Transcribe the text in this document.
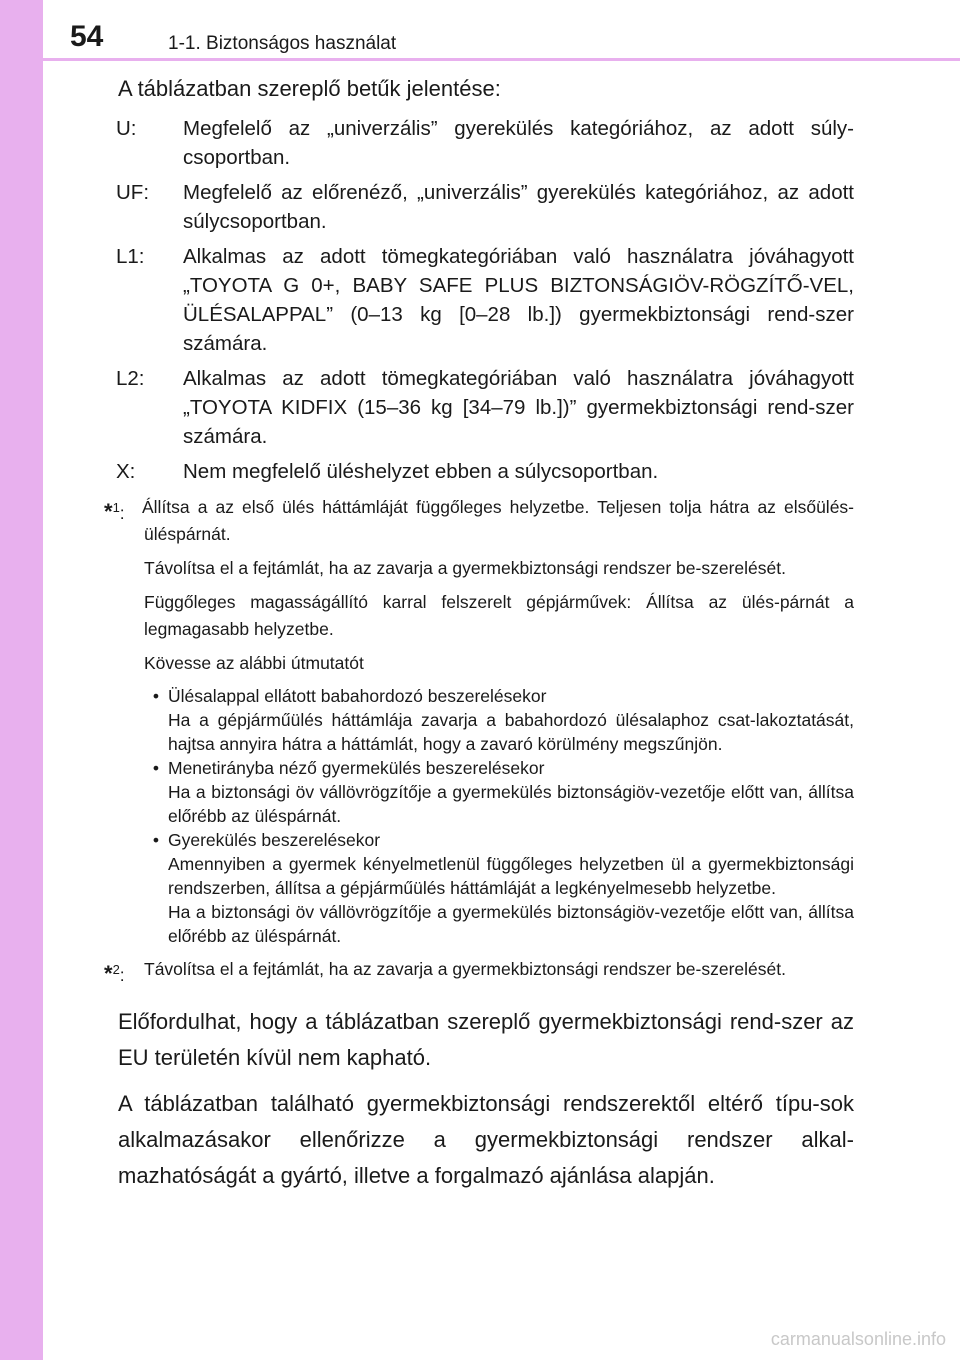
54	1-1. Biztonságos használat
A táblázatban szereplő betűk jelentése:
U:	Megfelelő az „univerzális” gyerekülés kategóriához, az adott súly-csoportban.
UF:	Megfelelő az előrenéző, „univerzális” gyerekülés kategóriához, az adott súlycsoportban.
L1:	Alkalmas az adott tömegkategóriában való használatra jóváhagyott „TOYOTA G 0+, BABY SAFE PLUS BIZTONSÁGIÖV-RÖGZÍTŐ-VEL, ÜLÉSALAPPAL” (0–13 kg [0–28 lb.]) gyermekbiztonsági rend-szer számára.
L2:	Alkalmas az adott tömegkategóriában való használatra jóváhagyott „TOYOTA KIDFIX (15–36 kg [34–79 lb.])” gyermekbiztonsági rend-szer számára.
X:	Nem megfelelő üléshelyzet ebben a súlycsoportban.
*$^1$: Állítsa a az első ülés háttámláját függőleges helyzetbe. Teljesen tolja hátra az elsőülés-üléspárnát.

Távolítsa el a fejtámlát, ha az zavarja a gyermekbiztonsági rendszer be-szerelését.

Függőleges magasságállító karral felszerelt gépjárművek: Állítsa az ülés-párnát a legmagasabb helyzetbe.

Kövesse az alábbi útmutatót

• Ülésalappal ellátott babahordozó beszerelésekor
Ha a gépjárműülés háttámlája zavarja a babahordozó ülésalaphoz csat-lakoztatását, hajtsa annyira hátra a háttámlát, hogy a zavaró körülmény megszűnjön.
• Menetirányba néző gyermekülés beszerelésekor
Ha a biztonsági öv vállövrögzítője a gyermekülés biztonságiöv-vezetője előtt van, állítsa előrébb az üléspárnát.
• Gyerekülés beszerelésekor
Amennyiben a gyermek kényelmetlenül függőleges helyzetben ül a gyermekbiztonsági rendszerben, állítsa a gépjárműülés háttámláját a legkényelmesebb helyzetbe.
Ha a biztonsági öv vállövrögzítője a gyermekülés biztonságiöv-vezetője előtt van, állítsa előrébb az üléspárnát.
*$^2$:	Távolítsa el a fejtámlát, ha az zavarja a gyermekbiztonsági rendszer be-szerelését.

Előfordulhat, hogy a táblázatban szereplő gyermekbiztonsági rend-szer az EU területén kívül nem kapható.

A táblázatban található gyermekbiztonsági rendszerektől eltérő típu-sok alkalmazásakor ellenőrizze a gyermekbiztonsági rendszer alkal-mazhatóságát a gyártó, illetve a forgalmazó ajánlása alapján.

carmanualsonline.info
